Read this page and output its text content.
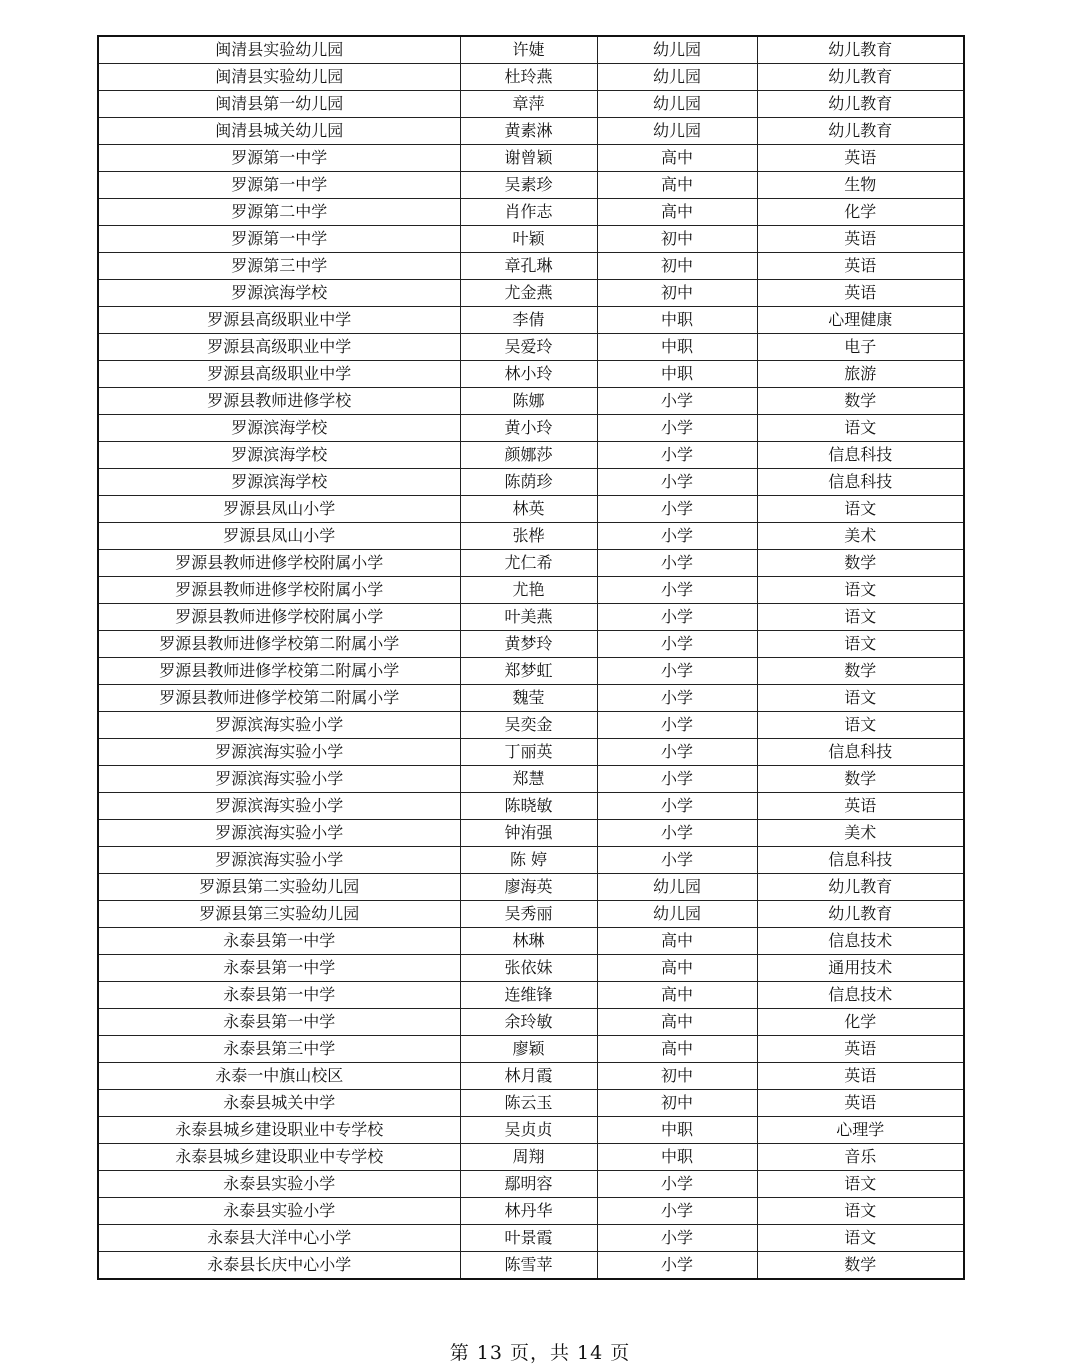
闽清县实验幼儿园	许婕	幼儿园	幼儿教育
闽清县实验幼儿园	杜玲燕	幼儿园	幼儿教育
闽清县第一幼儿园	章萍	幼儿园	幼儿教育
闽清县城关幼儿园	黄素淋	幼儿园	幼儿教育
罗源第一中学	谢曾颖	高中	英语
罗源第一中学	吴素珍	高中	生物
罗源第二中学	肖作志	高中	化学
罗源第一中学	叶颖	初中	英语
罗源第三中学	章孔琳	初中	英语
罗源滨海学校	尤金燕	初中	英语
罗源县高级职业中学	李倩	中职	心理健康
罗源县高级职业中学	吴爱玲	中职	电子
罗源县高级职业中学	林小玲	中职	旅游
罗源县教师进修学校	陈娜	小学	数学
罗源滨海学校	黄小玲	小学	语文
罗源滨海学校	颜娜莎	小学	信息科技
罗源滨海学校	陈荫珍	小学	信息科技
罗源县凤山小学	林英	小学	语文
罗源县凤山小学	张桦	小学	美术
罗源县教师进修学校附属小学	尤仁希	小学	数学
罗源县教师进修学校附属小学	尤艳	小学	语文
罗源县教师进修学校附属小学	叶美燕	小学	语文
罗源县教师进修学校第二附属小学	黄梦玲	小学	语文
罗源县教师进修学校第二附属小学	郑梦虹	小学	数学
罗源县教师进修学校第二附属小学	魏莹	小学	语文
罗源滨海实验小学	吴奕金	小学	语文
罗源滨海实验小学	丁丽英	小学	信息科技
罗源滨海实验小学	郑慧	小学	数学
罗源滨海实验小学	陈晓敏	小学	英语
罗源滨海实验小学	钟洧强	小学	美术
罗源滨海实验小学	陈 婷	小学	信息科技
罗源县第二实验幼儿园	廖海英	幼儿园	幼儿教育
罗源县第三实验幼儿园	吴秀丽	幼儿园	幼儿教育
永泰县第一中学	林琳	高中	信息技术
永泰县第一中学	张依妹	高中	通用技术
永泰县第一中学	连维锋	高中	信息技术
永泰县第一中学	余玲敏	高中	化学
永泰县第三中学	廖颖	高中	英语
永泰一中旗山校区	林月霞	初中	英语
永泰县城关中学	陈云玉	初中	英语
永泰县城乡建设职业中专学校	吴贞贞	中职	心理学
永泰县城乡建设职业中专学校	周翔	中职	音乐
永泰县实验小学	鄢明容	小学	语文
永泰县实验小学	林丹华	小学	语文
永泰县大洋中心小学	叶景霞	小学	语文
永泰县长庆中心小学	陈雪苹	小学	数学
第 13 页，共 14 页
